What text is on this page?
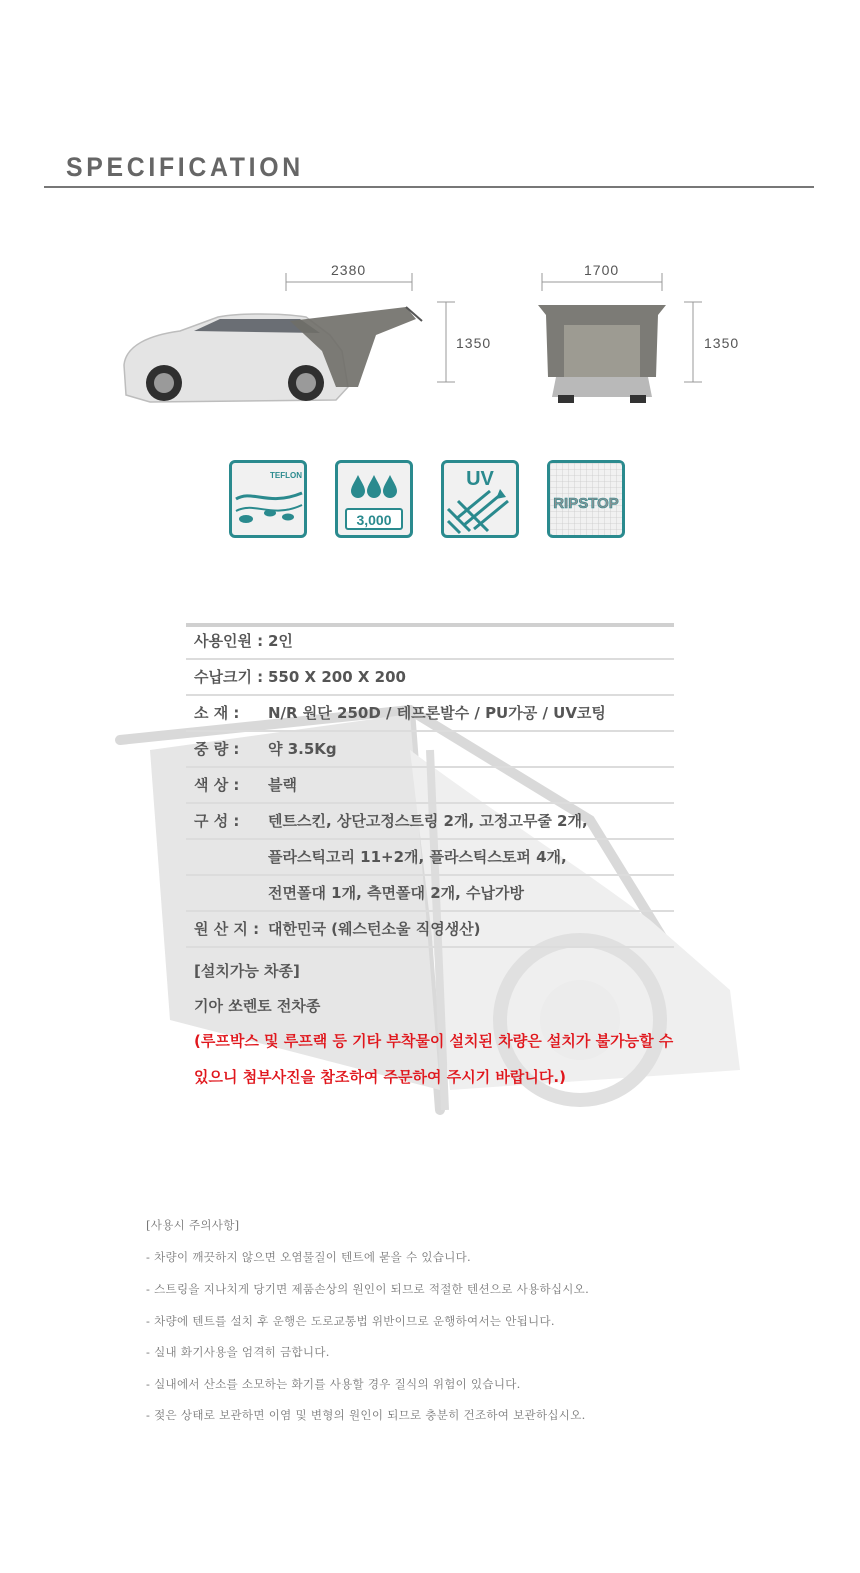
SPECIFICATION
2380
1350
1700
1350
TEFLON
3,000
UV
RIPSTOP
사용인원 : 2인
수납크기 : 550 X 200 X 200
소 재 : N/R 원단 250D / 테프론발수 / PU가공 / UV코팅
중 량 : 약 3.5Kg
색 상 : 블랙
구 성 : 텐트스킨, 상단고정스트링 2개, 고정고무줄 2개,
플라스틱고리 11+2개, 플라스틱스토퍼 4개,
전면폴대 1개, 측면폴대 2개, 수납가방
원 산 지 : 대한민국 (웨스턴소울 직영생산)
[설치가능 차종]
기아 쏘렌토 전차종
(루프박스 및 루프랙 등 기타 부착물이 설치된 차량은 설치가 불가능할 수
있으니 첨부사진을 참조하여 주문하여 주시기 바랍니다.)
[사용시 주의사항]
- 차량이 깨끗하지 않으면 오염물질이 텐트에 묻을 수 있습니다.
- 스트링을 지나치게 당기면 제품손상의 원인이 되므로 적절한 텐션으로 사용하십시오.
- 차량에 텐트를 설치 후 운행은 도로교통법 위반이므로 운행하여서는 안됩니다.
- 실내 화기사용을 엄격히 금합니다.
- 실내에서 산소를 소모하는 화기를 사용할 경우 질식의 위험이 있습니다.
- 젖은 상태로 보관하면 이염 및 변형의 원인이 되므로 충분히 건조하여 보관하십시오.
